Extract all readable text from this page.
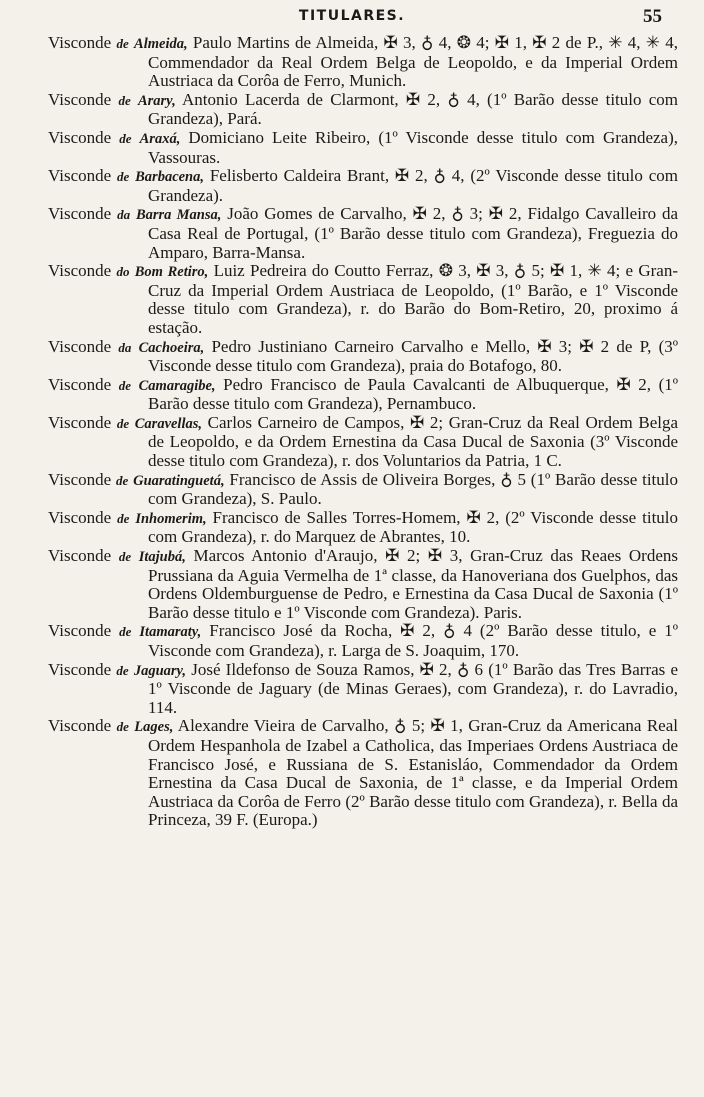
TITULARES.	55

Visconde de Almeida, Paulo Martins de Almeida, ✠ 3, ♁ 4, ❂ 4; ✠ 1, ✠ 2 de P., ✳ 4, ✳ 4, Commendador da Real Ordem Belga de Leopoldo, e da Imperial Ordem Austriaca da Corôa de Ferro, Munich.

Visconde de Arary, Antonio Lacerda de Clarmont, ✠ 2, ♁ 4, (1º Barão desse titulo com Grandeza), Pará.

Visconde de Araxá, Domiciano Leite Ribeiro, (1º Visconde desse titulo com Grandeza), Vassouras.

Visconde de Barbacena, Felisberto Caldeira Brant, ✠ 2, ♁ 4, (2º Visconde desse titulo com Grandeza).

Visconde da Barra Mansa, João Gomes de Carvalho, ✠ 2, ♁ 3; ✠ 2, Fidalgo Cavalleiro da Casa Real de Portugal, (1º Barão desse titulo com Grandeza), Freguezia do Amparo, Barra-Mansa.

Visconde do Bom Retiro, Luiz Pedreira do Coutto Ferraz, ❂ 3, ✠ 3, ♁ 5; ✠ 1, ✳ 4; e Gran-Cruz da Imperial Ordem Austriaca de Leopoldo, (1º Barão, e 1º Visconde desse titulo com Grandeza), r. do Barão do Bom-Retiro, 20, proximo á estação.

Visconde da Cachoeira, Pedro Justiniano Carneiro Carvalho e Mello, ✠ 3; ✠ 2 de P, (3º Visconde desse titulo com Grandeza), praia do Botafogo, 80.

Visconde de Camaragibe, Pedro Francisco de Paula Cavalcanti de Albuquerque, ✠ 2, (1º Barão desse titulo com Grandeza), Pernambuco.

Visconde de Caravellas, Carlos Carneiro de Campos, ✠ 2; Gran-Cruz da Real Ordem Belga de Leopoldo, e da Ordem Ernestina da Casa Ducal de Saxonia (3º Visconde desse titulo com Grandeza), r. dos Voluntarios da Patria, 1 C.

Visconde de Guaratinguetá, Francisco de Assis de Oliveira Borges, ♁ 5 (1º Barão desse titulo com Grandeza), S. Paulo.

Visconde de Inhomerim, Francisco de Salles Torres-Homem, ✠ 2, (2º Visconde desse titulo com Grandeza), r. do Marquez de Abrantes, 10.

Visconde de Itajubá, Marcos Antonio d'Araujo, ✠ 2; ✠ 3, Gran-Cruz das Reaes Ordens Prussiana da Aguia Vermelha de 1ª classe, da Hanoveriana dos Guelphos, das Ordens Oldemburguense de Pedro, e Ernestina da Casa Ducal de Saxonia (1º Barão desse titulo e 1º Visconde com Grandeza). Paris.

Visconde de Itamaraty, Francisco José da Rocha, ✠ 2, ♁ 4 (2º Barão desse titulo, e 1º Visconde com Grandeza), r. Larga de S. Joaquim, 170.

Visconde de Jaguary, José Ildefonso de Souza Ramos, ✠ 2, ♁ 6 (1º Barão das Tres Barras e 1º Visconde de Jaguary (de Minas Geraes), com Grandeza), r. do Lavradio, 114.

Visconde de Lages, Alexandre Vieira de Carvalho, ♁ 5; ✠ 1, Gran-Cruz da Americana Real Ordem Hespanhola de Izabel a Catholica, das Imperiaes Ordens Austriaca de Francisco José, e Russiana de S. Estanisláo, Commendador da Ordem Ernestina da Casa Ducal de Saxonia, de 1ª classe, e da Imperial Ordem Austriaca da Corôa de Ferro (2º Barão desse titulo com Grandeza), r. Bella da Princeza, 39 F. (Europa.)
